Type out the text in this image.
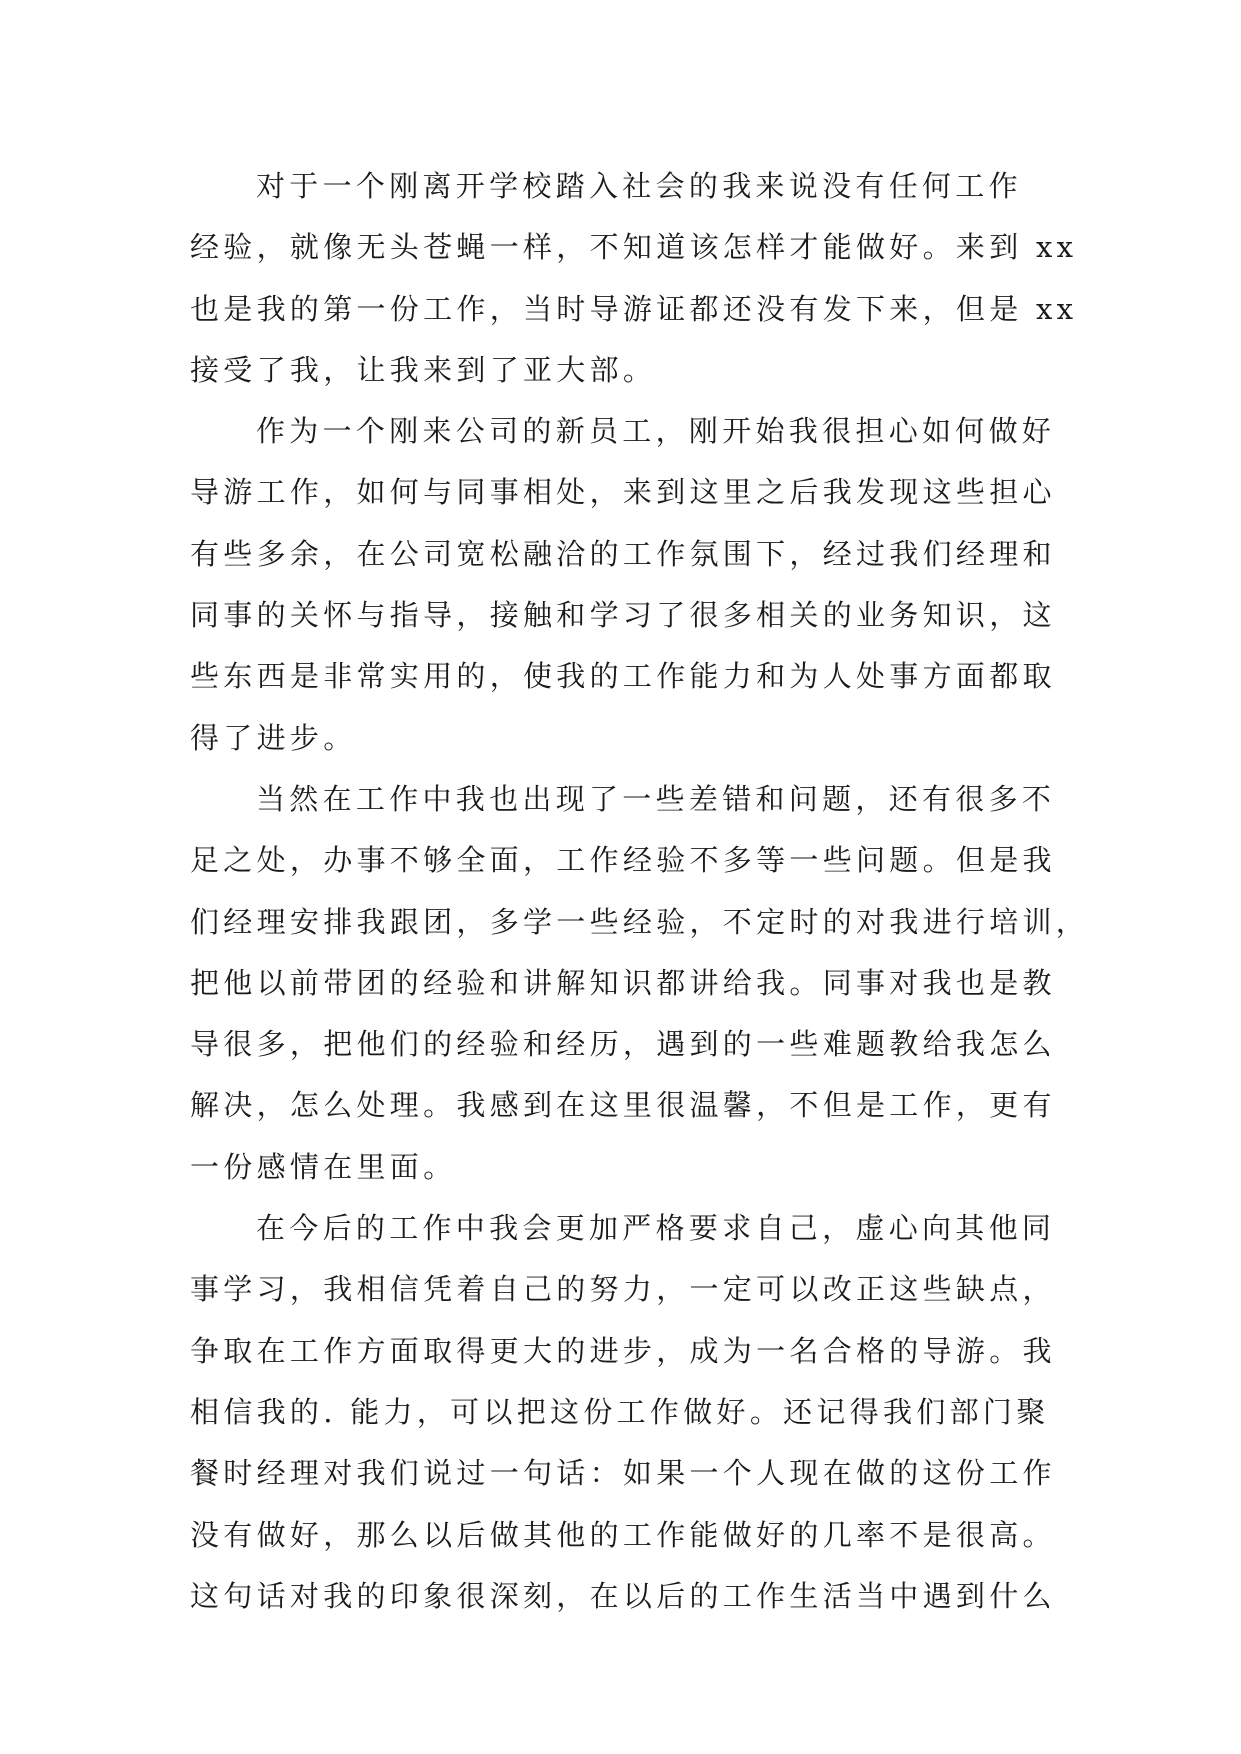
对于一个刚离开学校踏入社会的我来说没有任何工作
经验，就像无头苍蝇一样，不知道该怎样才能做好。来到 xx
也是我的第一份工作，当时导游证都还没有发下来，但是 xx
接受了我，让我来到了亚大部。
作为一个刚来公司的新员工，刚开始我很担心如何做好
导游工作，如何与同事相处，来到这里之后我发现这些担心
有些多余，在公司宽松融洽的工作氛围下，经过我们经理和
同事的关怀与指导，接触和学习了很多相关的业务知识，这
些东西是非常实用的，使我的工作能力和为人处事方面都取
得了进步。
当然在工作中我也出现了一些差错和问题，还有很多不
足之处，办事不够全面，工作经验不多等一些问题。但是我
们经理安排我跟团，多学一些经验，不定时的对我进行培训，
把他以前带团的经验和讲解知识都讲给我。同事对我也是教
导很多，把他们的经验和经历，遇到的一些难题教给我怎么
解决，怎么处理。我感到在这里很温馨，不但是工作，更有
一份感情在里面。
在今后的工作中我会更加严格要求自己，虚心向其他同
事学习，我相信凭着自己的努力，一定可以改正这些缺点，
争取在工作方面取得更大的进步，成为一名合格的导游。我
相信我的. 能力，可以把这份工作做好。还记得我们部门聚
餐时经理对我们说过一句话：如果一个人现在做的这份工作
没有做好，那么以后做其他的工作能做好的几率不是很高。
这句话对我的印象很深刻，在以后的工作生活当中遇到什么
